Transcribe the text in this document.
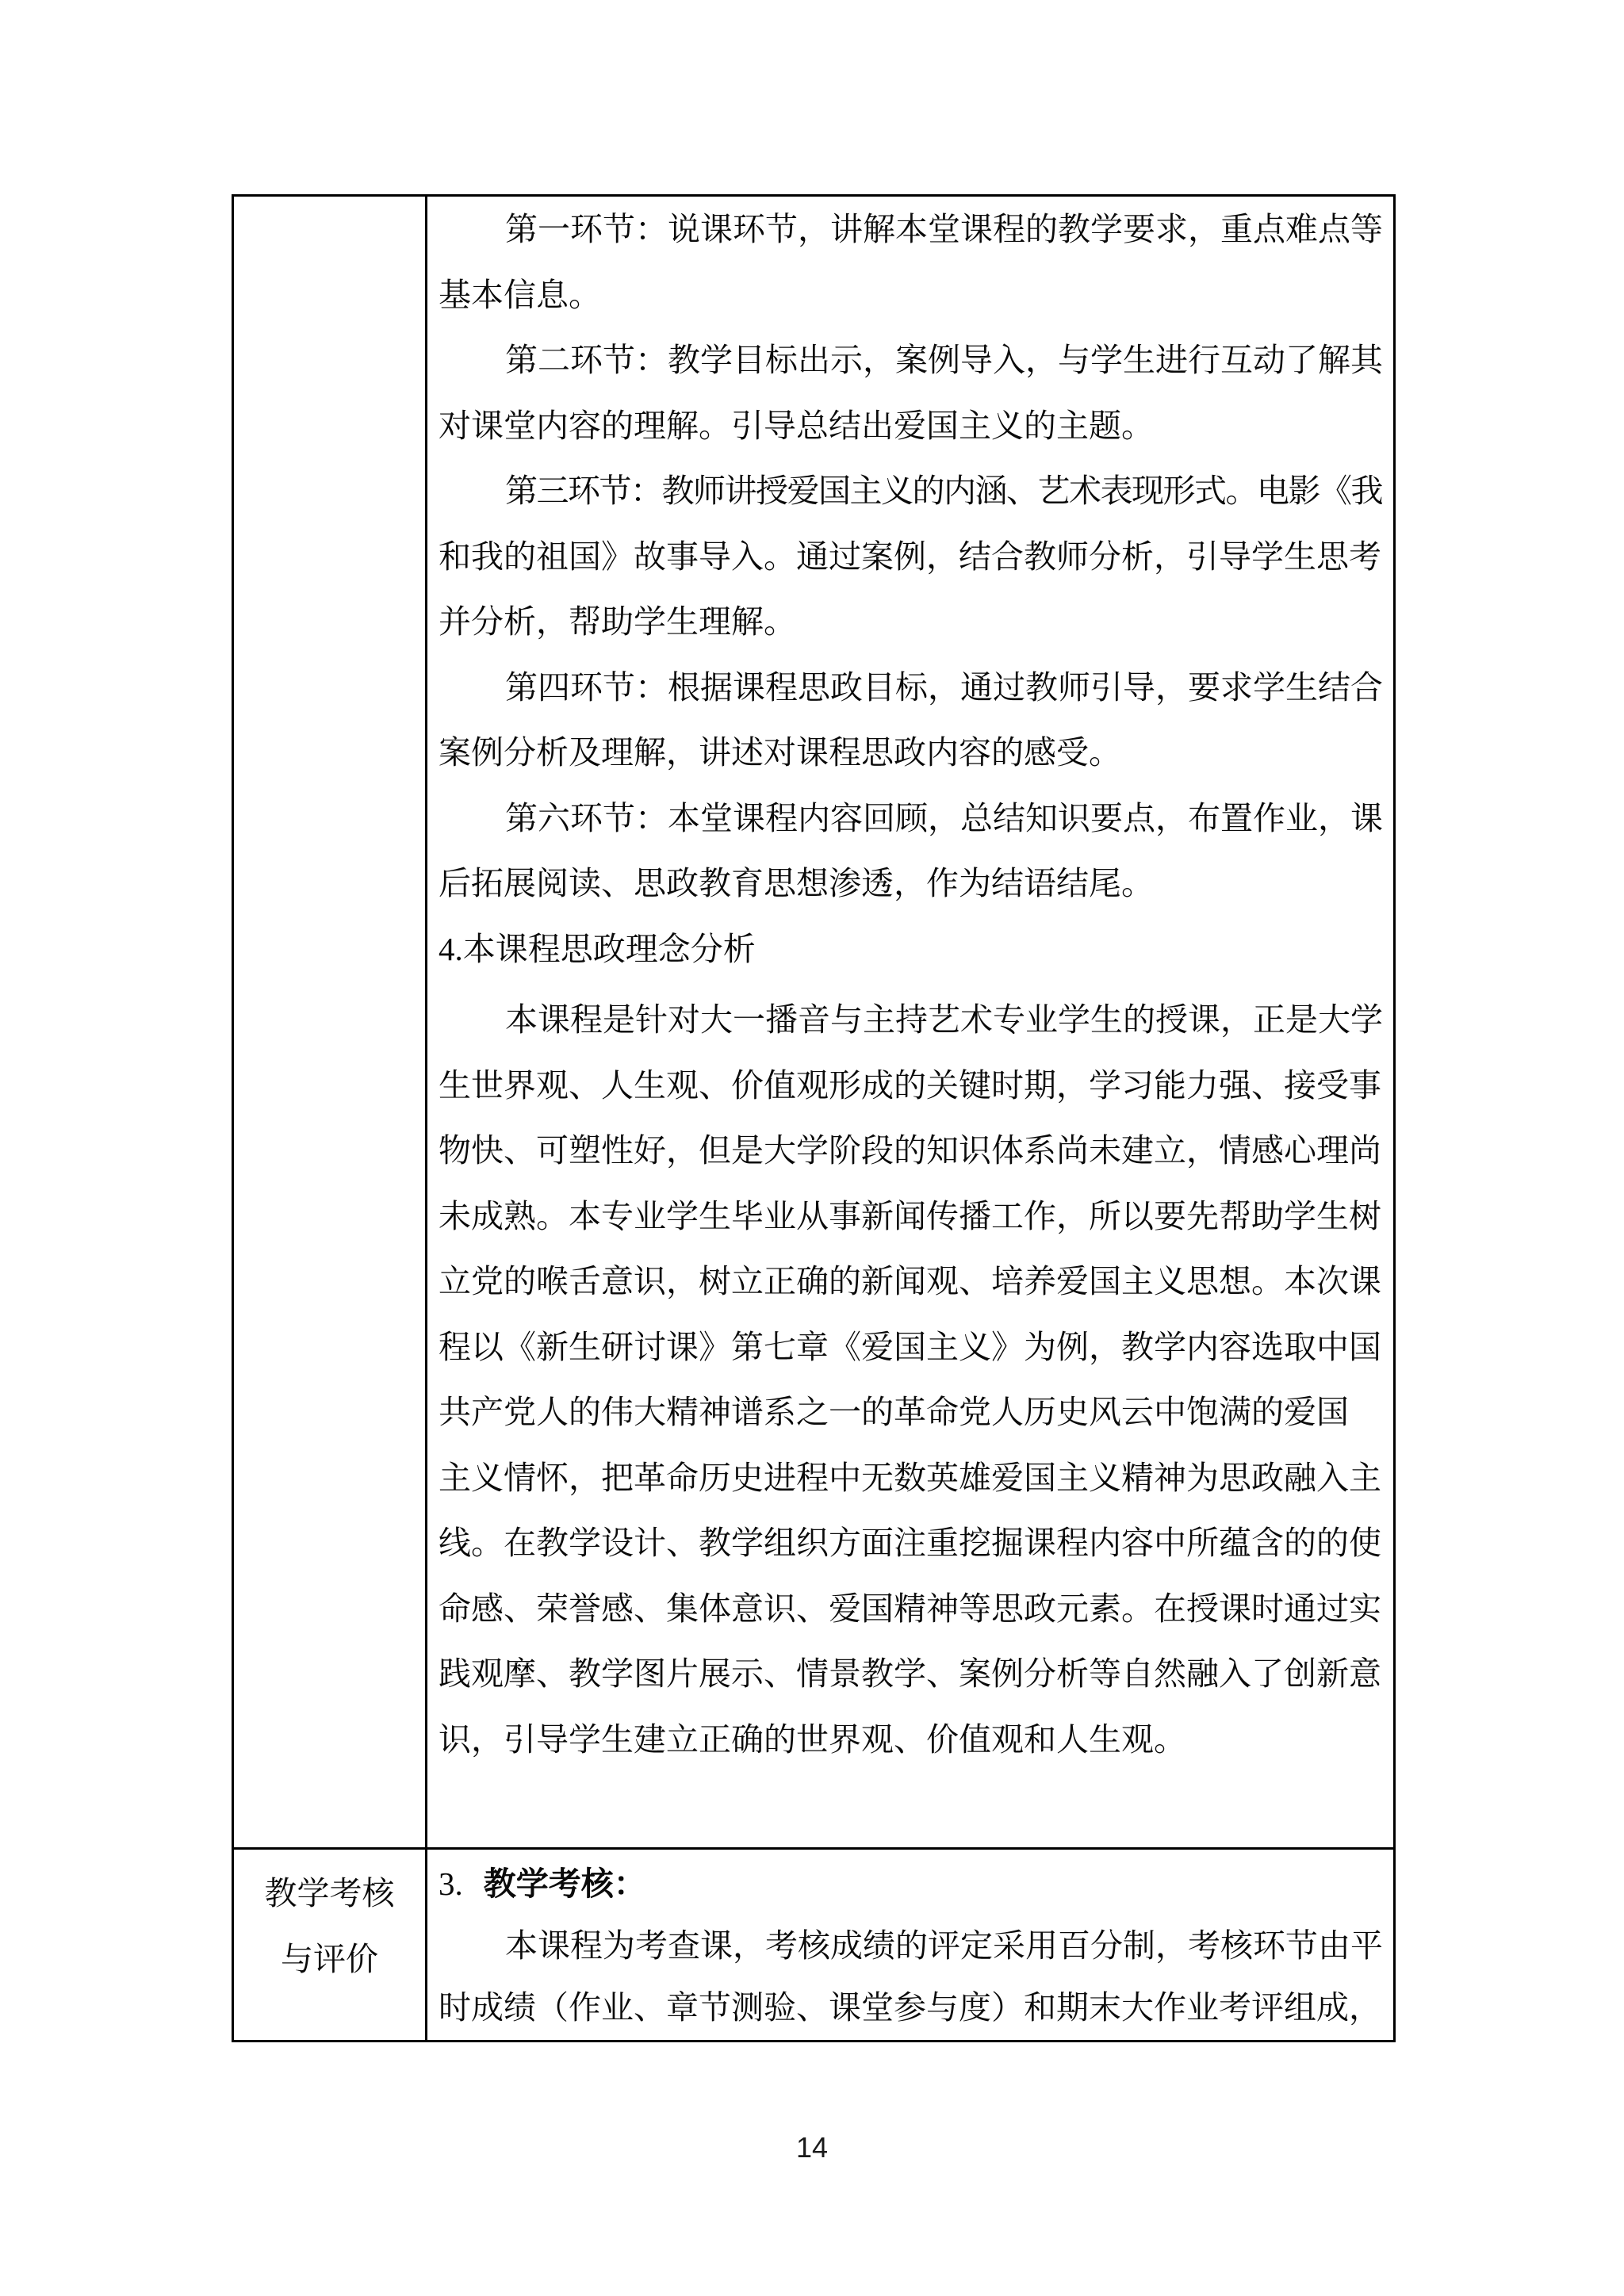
第一环节：说课环节，讲解本堂课程的教学要求，重点难点等
基本信息。
第二环节：教学目标出示，案例导入，与学生进行互动了解其
对课堂内容的理解。引导总结出爱国主义的主题。
第三环节：教师讲授爱国主义的内涵、艺术表现形式。电影《我
和我的祖国》故事导入。通过案例，结合教师分析，引导学生思考
并分析，帮助学生理解。
第四环节：根据课程思政目标，通过教师引导，要求学生结合
案例分析及理解，讲述对课程思政内容的感受。
第六环节：本堂课程内容回顾，总结知识要点，布置作业，课
后拓展阅读、思政教育思想渗透，作为结语结尾。
4.本课程思政理念分析
本课程是针对大一播音与主持艺术专业学生的授课，正是大学
生世界观、人生观、价值观形成的关键时期，学习能力强、接受事
物快、可塑性好，但是大学阶段的知识体系尚未建立，情感心理尚
未成熟。本专业学生毕业从事新闻传播工作，所以要先帮助学生树
立党的喉舌意识，树立正确的新闻观、培养爱国主义思想。本次课
程以《新生研讨课》第七章《爱国主义》为例，教学内容选取中国
共产党人的伟大精神谱系之一的革命党人历史风云中饱满的爱国
主义情怀，把革命历史进程中无数英雄爱国主义精神为思政融入主
线。在教学设计、教学组织方面注重挖掘课程内容中所蕴含的的使
命感、荣誉感、集体意识、爱国精神等思政元素。在授课时通过实
践观摩、教学图片展示、情景教学、案例分析等自然融入了创新意
识，引导学生建立正确的世界观、价值观和人生观。
教学考核
与评价
3. 教学考核：
本课程为考查课，考核成绩的评定采用百分制，考核环节由平
时成绩（作业、章节测验、课堂参与度）和期末大作业考评组成，
14
